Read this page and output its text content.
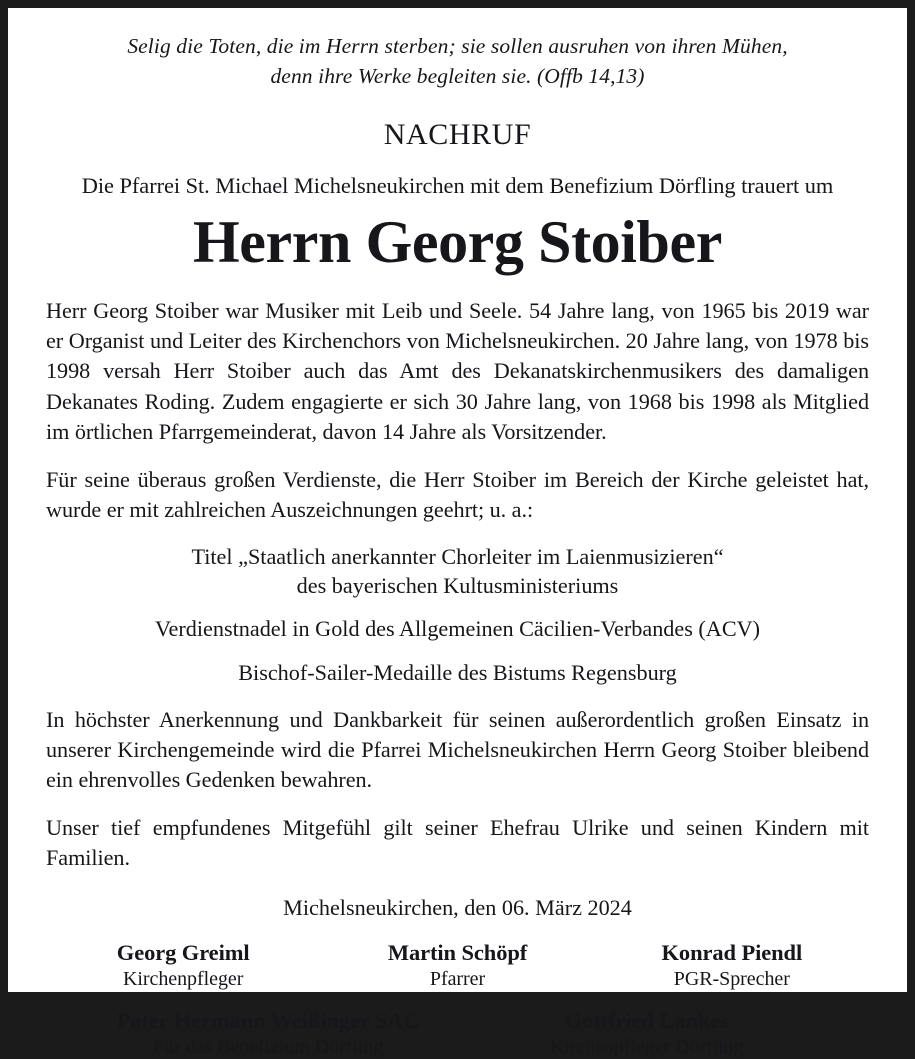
Selig die Toten, die im Herrn sterben; sie sollen ausruhen von ihren Mühen,
denn ihre Werke begleiten sie. (Offb 14,13)
NACHRUF
Die Pfarrei St. Michael Michelsneukirchen mit dem Benefizium Dörfling trauert um
Herrn Georg Stoiber
Herr Georg Stoiber war Musiker mit Leib und Seele. 54 Jahre lang, von 1965 bis 2019 war er Organist und Leiter des Kirchenchors von Michelsneukirchen. 20 Jahre lang, von 1978 bis 1998 versah Herr Stoiber auch das Amt des Dekanatskirchenmusikers des damaligen Dekanates Roding. Zudem engagierte er sich 30 Jahre lang, von 1968 bis 1998 als Mitglied im örtlichen Pfarrgemeinderat, davon 14 Jahre als Vorsitzender.
Für seine überaus großen Verdienste, die Herr Stoiber im Bereich der Kirche geleistet hat, wurde er mit zahlreichen Auszeichnungen geehrt; u. a.:
Titel „Staatlich anerkannter Chorleiter im Laienmusizieren“
des bayerischen Kultusministeriums
Verdienstnadel in Gold des Allgemeinen Cäcilien-Verbandes (ACV)
Bischof-Sailer-Medaille des Bistums Regensburg
In höchster Anerkennung und Dankbarkeit für seinen außerordentlich großen Einsatz in unserer Kirchengemeinde wird die Pfarrei Michelsneukirchen Herrn Georg Stoiber bleibend ein ehrenvolles Gedenken bewahren.
Unser tief empfundenes Mitgefühl gilt seiner Ehefrau Ulrike und seinen Kindern mit Familien.
Michelsneukirchen, den 06. März 2024
Georg Greiml
Kirchenpfleger
Martin Schöpf
Pfarrer
Konrad Piendl
PGR-Sprecher
Pater Hermann Weißinger SAC
Für das Benefizium Dörfling
Gottfried Lankes
Kirchenpfleger Dörfling
